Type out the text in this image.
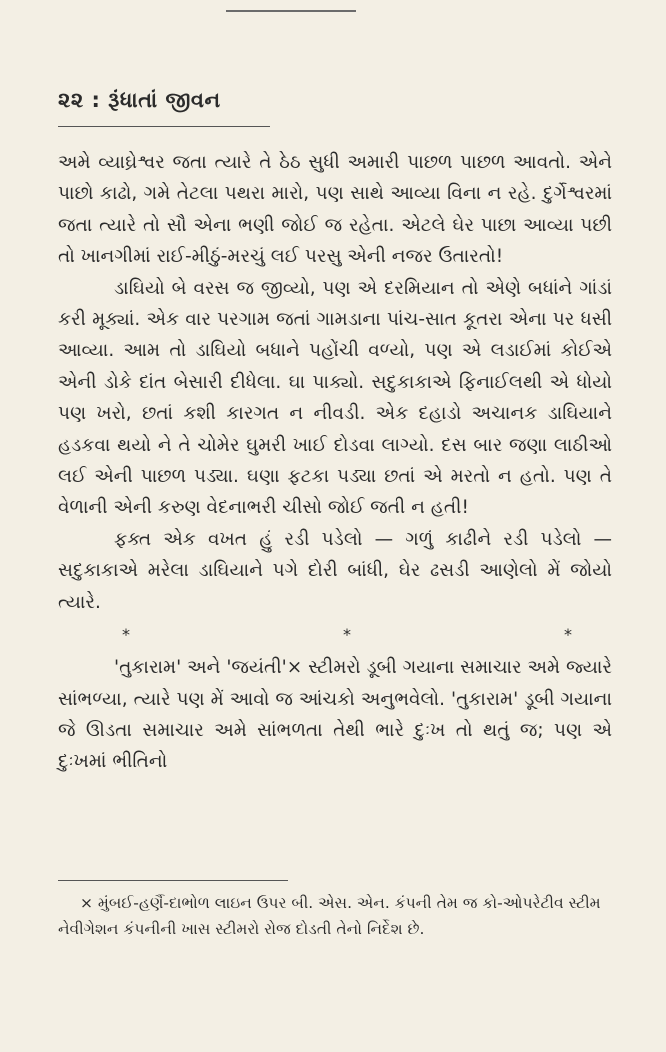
૨૨ : રૂંધાતાં જીવન

અમે વ્યાઘ્રેશ્વર જતા ત્યારે તે ઠેઠ સુધી અમારી પાછળ પાછળ આવતો. એને પાછો કાઢો, ગમે તેટલા પથરા મારો, પણ સાથે આવ્યા વિના ન રહે. દુર્ગેશ્વરમાં જતા ત્યારે તો સૌ એના ભણી જોઈ જ રહેતા. એટલે ઘેર પાછા આવ્યા પછી તો ખાનગીમાં રાઈ-મીઠું-મરચું લઈ પરસુ એની નજર ઉતારતો!

ડાઘિયો બે વરસ જ જીવ્યો, પણ એ દરમિયાન તો એણે બધાંને ગાંડાં કરી મૂક્યાં. એક વાર પરગામ જતાં ગામડાના પાંચ-સાત કૂતરા એના પર ધસી આવ્યા. આમ તો ડાઘિયો બધાને પહોંચી વળ્યો, પણ એ લડાઈમાં કોઈએ એની ડોકે દાંત બેસારી દીધેલા. ઘા પાક્યો. સદુકાકાએ ફિનાઈલથી એ ધોયો પણ ખરો, છતાં કશી કારગત ન નીવડી. એક દહાડો અચાનક ડાઘિયાને હડકવા થયો ને તે ચોમેર ઘુમરી ખાઈ દોડવા લાગ્યો. દસ બાર જણા લાઠીઓ લઈ એની પાછળ પડ્યા. ઘણા ફટકા પડ્યા છતાં એ મરતો ન હતો. પણ તે વેળાની એની કરુણ વેદનાભરી ચીસો જોઈ જતી ન હતી!

ફક્ત એક વખત હું રડી પડેલો — ગળું કાઢીને રડી પડેલો — સદુકાકાએ મરેલા ડાઘિયાને પગે દોરી બાંધી, ઘેર ઢસડી આણેલો મેં જોયો ત્યારે.

*	*	*

'તુકારામ' અને 'જયંતી'× સ્ટીમરો ડૂબી ગયાના સમાચાર અમે જ્યારે સાંભળ્યા, ત્યારે પણ મેં આવો જ આંચકો અનુભવેલો. 'તુકારામ' ડૂબી ગયાના જે ઊડતા સમાચાર અમે સાંભળતા તેથી ભારે દુઃખ તો થતું જ; પણ એ દુઃખમાં ભીતિનો

× મુંબઈ-હર્ણૈ-દાભોળ લાઇન ઉપર બી. એસ. એન. કંપની તેમ જ કો-ઓપરેટીવ સ્ટીમ નેવીગેશન કંપનીની ખાસ સ્ટીમરો રોજ દોડતી તેનો નિર્દેશ છે.
